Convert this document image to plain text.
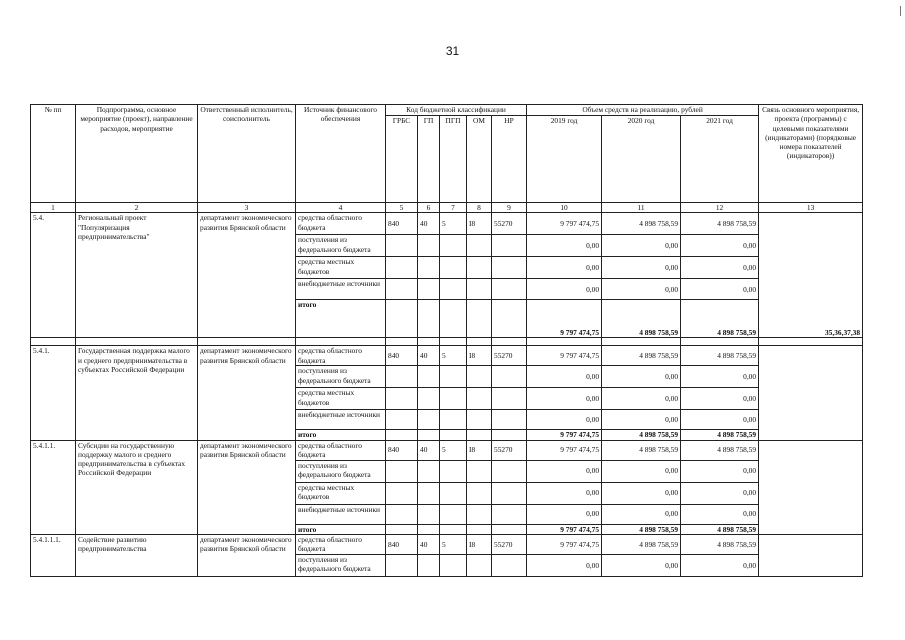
31
№ пп	Подпрограмма, основное мероприятие (проект), направление расходов, мероприятие	Ответственный исполнитель, соисполнитель	Источник финансового обеспечения	Код бюджетной классификации					Объем средств на реализацию, рублей			Связь основного мероприятия, проекта (программы) с целевыми показателями (индикаторами) (порядковые номера показателей (индикаторов))
				ГРБС	ГП	ПГП	ОМ	НР	2019 год	2020 год	2021 год	
1	2	3	4	5	6	7	8	9	10	11	12	13
5.4.	Региональный проект "Популяризация предпринимательства"	департамент экономического развития Брянской области	средства областного бюджета	840	40	5	I8	55270	9 797 474,75	4 898 758,59	4 898 758,59	35,36,37,38
			поступления из федерального бюджета						0,00	0,00	0,00	
			средства местных бюджетов						0,00	0,00	0,00	
			внебюджетные источники						0,00	0,00	0,00	
			итого						9 797 474,75	4 898 758,59	4 898 758,59	

5.4.1.	Государственная поддержка малого и среднего предпринимательства в субъектах Российской Федерации	департамент экономического развития Брянской области	средства областного бюджета	840	40	5	I8	55270	9 797 474,75	4 898 758,59	4 898 758,59	
			поступления из федерального бюджета						0,00	0,00	0,00	
			средства местных бюджетов						0,00	0,00	0,00	
			внебюджетные источники						0,00	0,00	0,00	
			итого						9 797 474,75	4 898 758,59	4 898 758,59	
5.4.1.1.	Субсидии на государственную поддержку малого и среднего предпринимательства в субъектах Российской Федерации	департамент экономического развития Брянской области	средства областного бюджета	840	40	5	I8	55270	9 797 474,75	4 898 758,59	4 898 758,59	
			поступления из федерального бюджета						0,00	0,00	0,00	
			средства местных бюджетов						0,00	0,00	0,00	
			внебюджетные источники						0,00	0,00	0,00	
			итого						9 797 474,75	4 898 758,59	4 898 758,59	
5.4.1.1.1.	Содействие развитию предпринимательства	департамент экономического развития Брянской области	средства областного бюджета	840	40	5	I8	55270	9 797 474,75	4 898 758,59	4 898 758,59	
			поступления из федерального бюджета						0,00	0,00	0,00	
